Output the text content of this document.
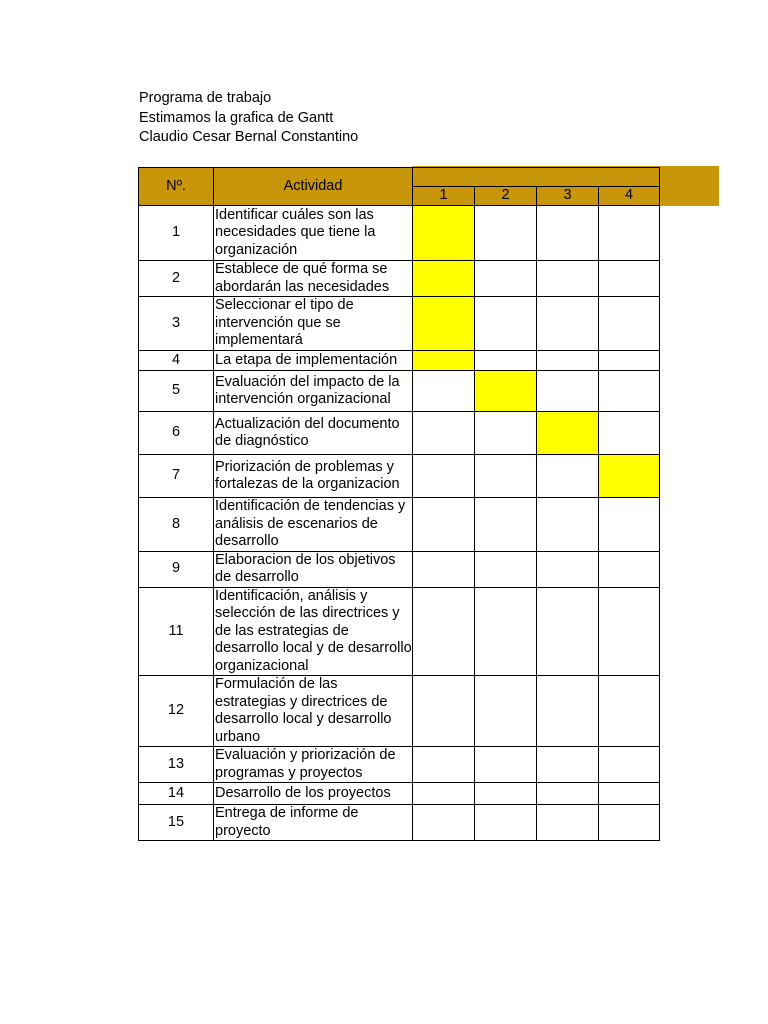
Programa de trabajo
Estimamos la grafica de Gantt
Claudio Cesar Bernal Constantino
Nº.	Actividad				
		1	2	3	4
1	Identificar cuáles son las necesidades que tiene la organización				
2	Establece de qué forma se abordarán las necesidades				
3	Seleccionar el tipo de intervención que se implementará				
4	La etapa de implementación				
5	Evaluación del impacto de la intervención organizacional				
6	Actualización del documento de diagnóstico				
7	Priorización de problemas y fortalezas de la organizacion				
8	Identificación de tendencias y análisis de escenarios de desarrollo				
9	Elaboracion de los objetivos de desarrollo				
11	Identificación, análisis y selección de las directrices y de las estrategias de desarrollo local y de desarrollo organizacional				
12	Formulación de las estrategias y directrices de desarrollo local y desarrollo urbano				
13	Evaluación y priorización de programas y proyectos				
14	Desarrollo de los proyectos				
15	Entrega de informe de proyecto				
